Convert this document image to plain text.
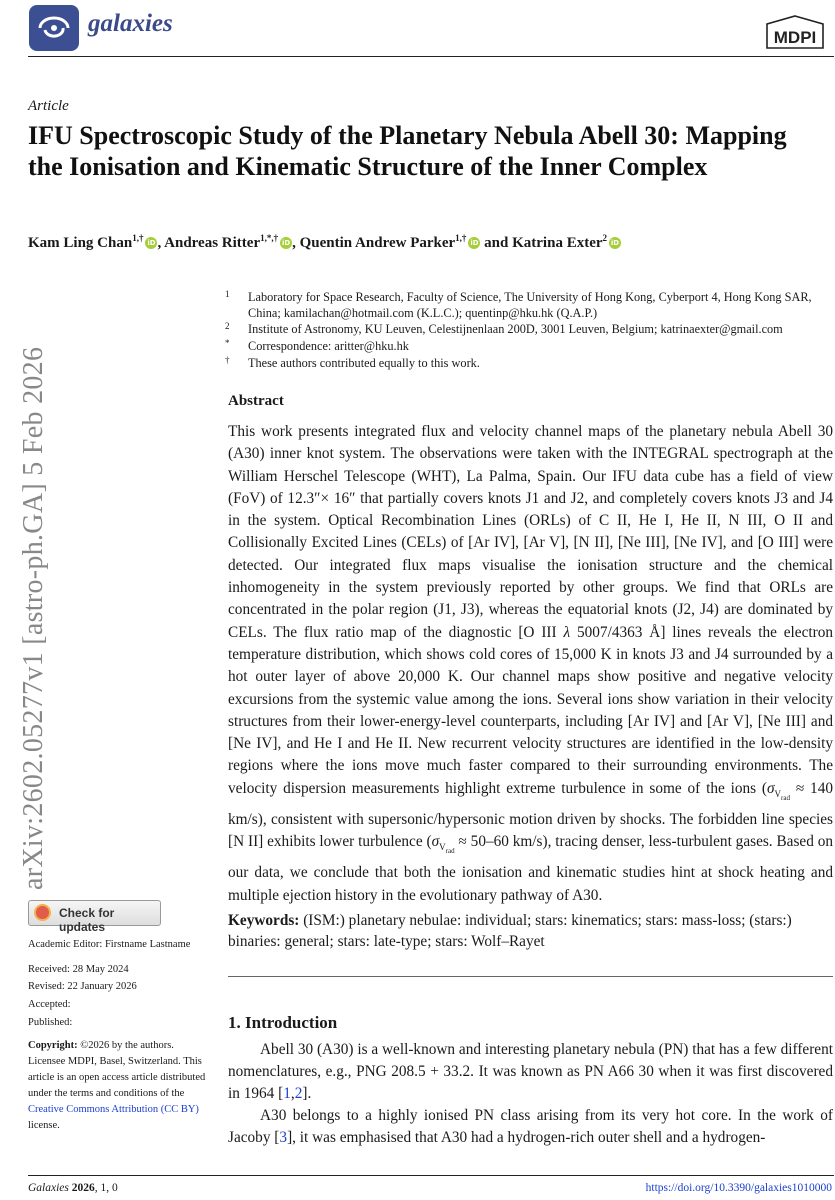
galaxies
MDPI
Article
IFU Spectroscopic Study of the Planetary Nebula Abell 30: Mapping the Ionisation and Kinematic Structure of the Inner Complex
Kam Ling Chan$^{1,\dagger}$ iD , Andreas Ritter$^{1,*,\dagger}$ iD , Quentin Andrew Parker$^{1,\dagger}$ iD and Katrina Exter$^2$ iD
1	Laboratory for Space Research, Faculty of Science, The University of Hong Kong, Cyberport 4, Hong Kong SAR, China; kamilachan@hotmail.com (K.L.C.); quentinp@hku.hk (Q.A.P.)
2	Institute of Astronomy, KU Leuven, Celestijnenlaan 200D, 3001 Leuven, Belgium; katrinaexter@gmail.com
*	Correspondence: aritter@hku.hk
†	These authors contributed equally to this work.
Abstract
This work presents integrated flux and velocity channel maps of the planetary nebula Abell 30 (A30) inner knot system. The observations were taken with the INTEGRAL spectrograph at the William Herschel Telescope (WHT), La Palma, Spain. Our IFU data cube has a field of view (FoV) of 12.3″× 16″ that partially covers knots J1 and J2, and completely covers knots J3 and J4 in the system. Optical Recombination Lines (ORLs) of C II, He I, He II, N III, O II and Collisionally Excited Lines (CELs) of [Ar IV], [Ar V], [N II], [Ne III], [Ne IV], and [O III] were detected. Our integrated flux maps visualise the ionisation structure and the chemical inhomogeneity in the system previously reported by other groups. We find that ORLs are concentrated in the polar region (J1, J3), whereas the equatorial knots (J2, J4) are dominated by CELs. The flux ratio map of the diagnostic [O III λ 5007/4363 Å] lines reveals the electron temperature distribution, which shows cold cores of 15,000 K in knots J3 and J4 surrounded by a hot outer layer of above 20,000 K. Our channel maps show positive and negative velocity excursions from the systemic value among the ions. Several ions show variation in their velocity structures from their lower-energy-level counterparts, including [Ar IV] and [Ar V], [Ne III] and [Ne IV], and He I and He II. New recurrent velocity structures are identified in the low-density regions where the ions move much faster compared to their surrounding environments. The velocity dispersion measurements highlight extreme turbulence in some of the ions ($\sigma_{V_{rad}} \approx 140$ km/s), consistent with supersonic/hypersonic motion driven by shocks. The forbidden line species [N II] exhibits lower turbulence ($\sigma_{V_{rad}} \approx 50-60$ km/s), tracing denser, less-turbulent gases. Based on our data, we conclude that both the ionisation and kinematic studies hint at shock heating and multiple ejection history in the evolutionary pathway of A30.
Keywords: (ISM:) planetary nebulae: individual; stars: kinematics; stars: mass-loss; (stars:) binaries: general; stars: late-type; stars: Wolf–Rayet
1. Introduction

Abell 30 (A30) is a well-known and interesting planetary nebula (PN) that has a few different nomenclatures, e.g., PNG 208.5 + 33.2. It was known as PN A66 30 when it was first discovered in 1964 [1,2].

A30 belongs to a highly ionised PN class arising from its very hot core. In the work of Jacoby [3], it was emphasised that A30 had a hydrogen-rich outer shell and a hydrogen-

arXiv:2602.05277v1 [astro-ph.GA] 5 Feb 2026
Check for updates
Academic Editor: Firstname Lastname
Received: 28 May 2024
Revised: 22 January 2026
Accepted:
Published:
Copyright: ©2026 by the authors. Licensee MDPI, Basel, Switzerland. This article is an open access article distributed under the terms and conditions of the Creative Commons Attribution (CC BY) license.
Galaxies 2026, 1, 0	https://doi.org/10.3390/galaxies1010000
